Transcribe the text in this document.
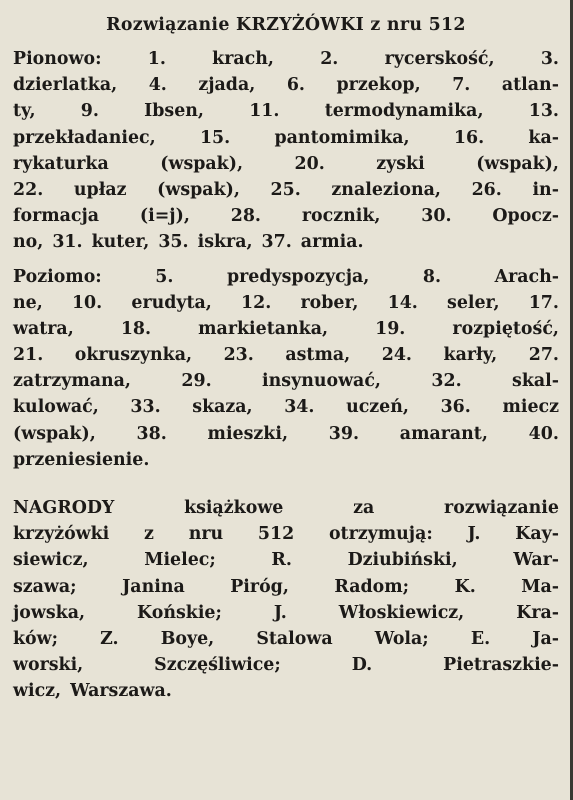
Rozwiązanie KRZYŻÓWKI z nru 512
Pionowo:	1.	krach,	2.	rycerskość,	3.
dzierlatka, 4. zjada, 6. przekop, 7. atlan-
ty,	9.	Ibsen,	11.	termodynamika,	13.
przekładaniec,	15.	pantomimika,	16.	ka-
rykaturka	(wspak),	20.	zyski	(wspak),
22. upłaz (wspak), 25. znaleziona, 26. in-
formacja (i=j), 28. rocznik, 30. Opocz-
no, 31. kuter, 35. iskra, 37. armia.
Poziomo:	5.	predyspozycja,	8.	Arach-
ne, 10. erudyta, 12. rober, 14. seler, 17.
watra,	18.	markietanka,	19.	rozpiętość,
21. okruszynka, 23. astma, 24. karły, 27.
zatrzymana,	29.	insynuować,	32.	skal-
kulować, 33. skaza, 34. uczeń, 36. miecz
(wspak), 38. mieszki, 39. amarant, 40.
przeniesienie.
NAGRODY	książkowe	za	rozwiązanie
krzyżówki z nru 512 otrzymują: J. Kay-
siewicz,	Mielec;	R.	Dziubiński,	War-
szawa;	Janina	Piróg,	Radom;	K.	Ma-
jowska,	Końskie;	J.	Włoskiewicz,	Kra-
ków; Z. Boye, Stalowa Wola; E. Ja-
worski,	Szczęśliwice;	D.	Pietraszkie-
wicz, Warszawa.
